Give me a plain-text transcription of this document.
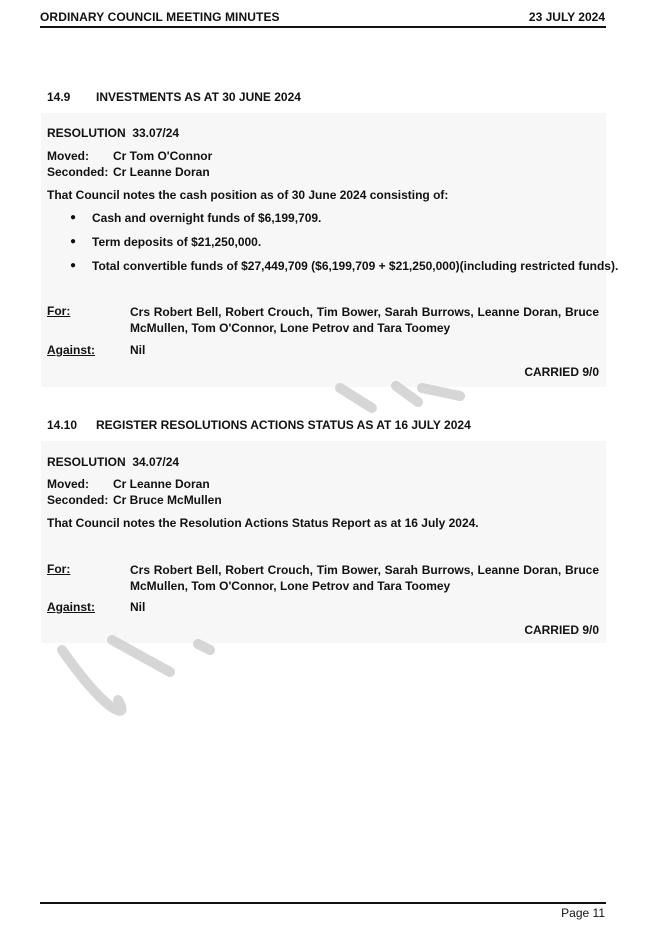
ORDINARY COUNCIL MEETING MINUTES	23 JULY 2024
14.9 INVESTMENTS AS AT 30 JUNE 2024
RESOLUTION  33.07/24
Moved: Cr Tom O'Connor
Seconded: Cr Leanne Doran
That Council notes the cash position as of 30 June 2024 consisting of:
● Cash and overnight funds of $6,199,709.
● Term deposits of $21,250,000.
● Total convertible funds of $27,449,709 ($6,199,709 + $21,250,000)(including restricted funds).
For:	Crs Robert Bell, Robert Crouch, Tim Bower, Sarah Burrows, Leanne Doran, Bruce McMullen, Tom O'Connor, Lone Petrov and Tara Toomey
Against:	Nil
CARRIED 9/0
14.10 REGISTER RESOLUTIONS ACTIONS STATUS AS AT 16 JULY 2024
RESOLUTION  34.07/24
Moved: Cr Leanne Doran
Seconded: Cr Bruce McMullen
That Council notes the Resolution Actions Status Report as at 16 July 2024.
For:	Crs Robert Bell, Robert Crouch, Tim Bower, Sarah Burrows, Leanne Doran, Bruce McMullen, Tom O'Connor, Lone Petrov and Tara Toomey
Against:	Nil
CARRIED 9/0
Page 11
